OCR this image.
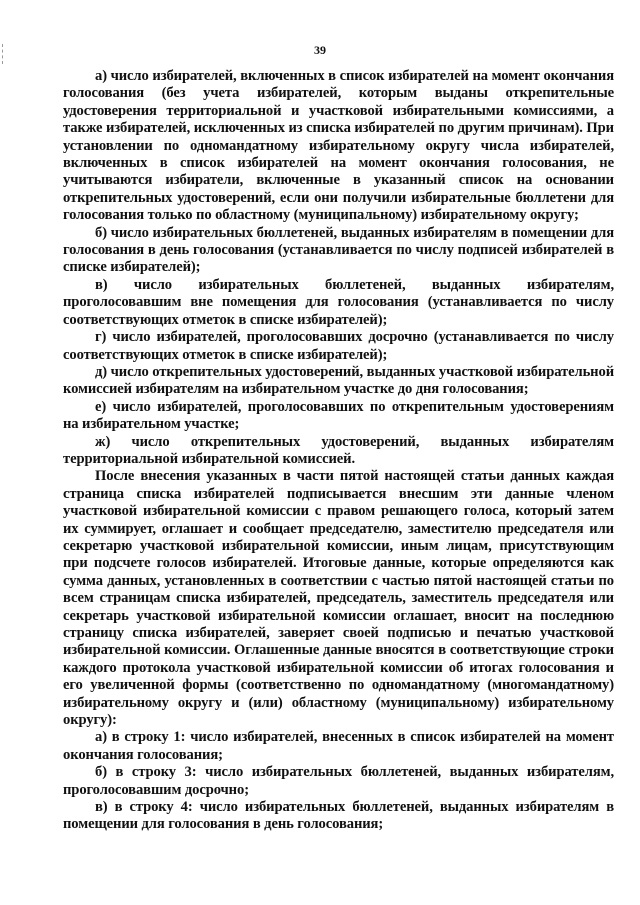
39

а) число избирателей, включенных в список избирателей на момент окончания голосования (без учета избирателей, которым выданы открепительные удостоверения территориальной и участковой избирательными комиссиями, а также избирателей, исключенных из списка избирателей по другим причинам). При установлении по одномандатному избирательному округу числа избирателей, включенных в список избирателей на момент окончания голосования, не учитываются избиратели, включенные в указанный список на основании открепительных удостоверений, если они получили избирательные бюллетени для голосования только по областному (муниципальному) избирательному округу;

б) число избирательных бюллетеней, выданных избирателям в помещении для голосования в день голосования (устанавливается по числу подписей избирателей в списке избирателей);

в) число избирательных бюллетеней, выданных избирателям, проголосовавшим вне помещения для голосования (устанавливается по числу соответствующих отметок в списке избирателей);

г) число избирателей, проголосовавших досрочно (устанавливается по числу соответствующих отметок в списке избирателей);

д) число открепительных удостоверений, выданных участковой избирательной комиссией избирателям на избирательном участке до дня голосования;

е) число избирателей, проголосовавших по открепительным удостоверениям на избирательном участке;

ж) число открепительных удостоверений, выданных избирателям территориальной избирательной комиссией.

После внесения указанных в части пятой настоящей статьи данных каждая страница списка избирателей подписывается внесшим эти данные членом участковой избирательной комиссии с правом решающего голоса, который затем их суммирует, оглашает и сообщает председателю, заместителю председателя или секретарю участковой избирательной комиссии, иным лицам, присутствующим при подсчете голосов избирателей. Итоговые данные, которые определяются как сумма данных, установленных в соответствии с частью пятой настоящей статьи по всем страницам списка избирателей, председатель, заместитель председателя или секретарь участковой избирательной комиссии оглашает, вносит на последнюю страницу списка избирателей, заверяет своей подписью и печатью участковой избирательной комиссии. Оглашенные данные вносятся в соответствующие строки каждого протокола участковой избирательной комиссии об итогах голосования и его увеличенной формы (соответственно по одномандатному (многомандатному) избирательному округу и (или) областному (муниципальному) избирательному округу):

а) в строку 1: число избирателей, внесенных в список избирателей на момент окончания голосования;

б) в строку 3: число избирательных бюллетеней, выданных избирателям, проголосовавшим досрочно;

в) в строку 4: число избирательных бюллетеней, выданных избирателям в помещении для голосования в день голосования;
